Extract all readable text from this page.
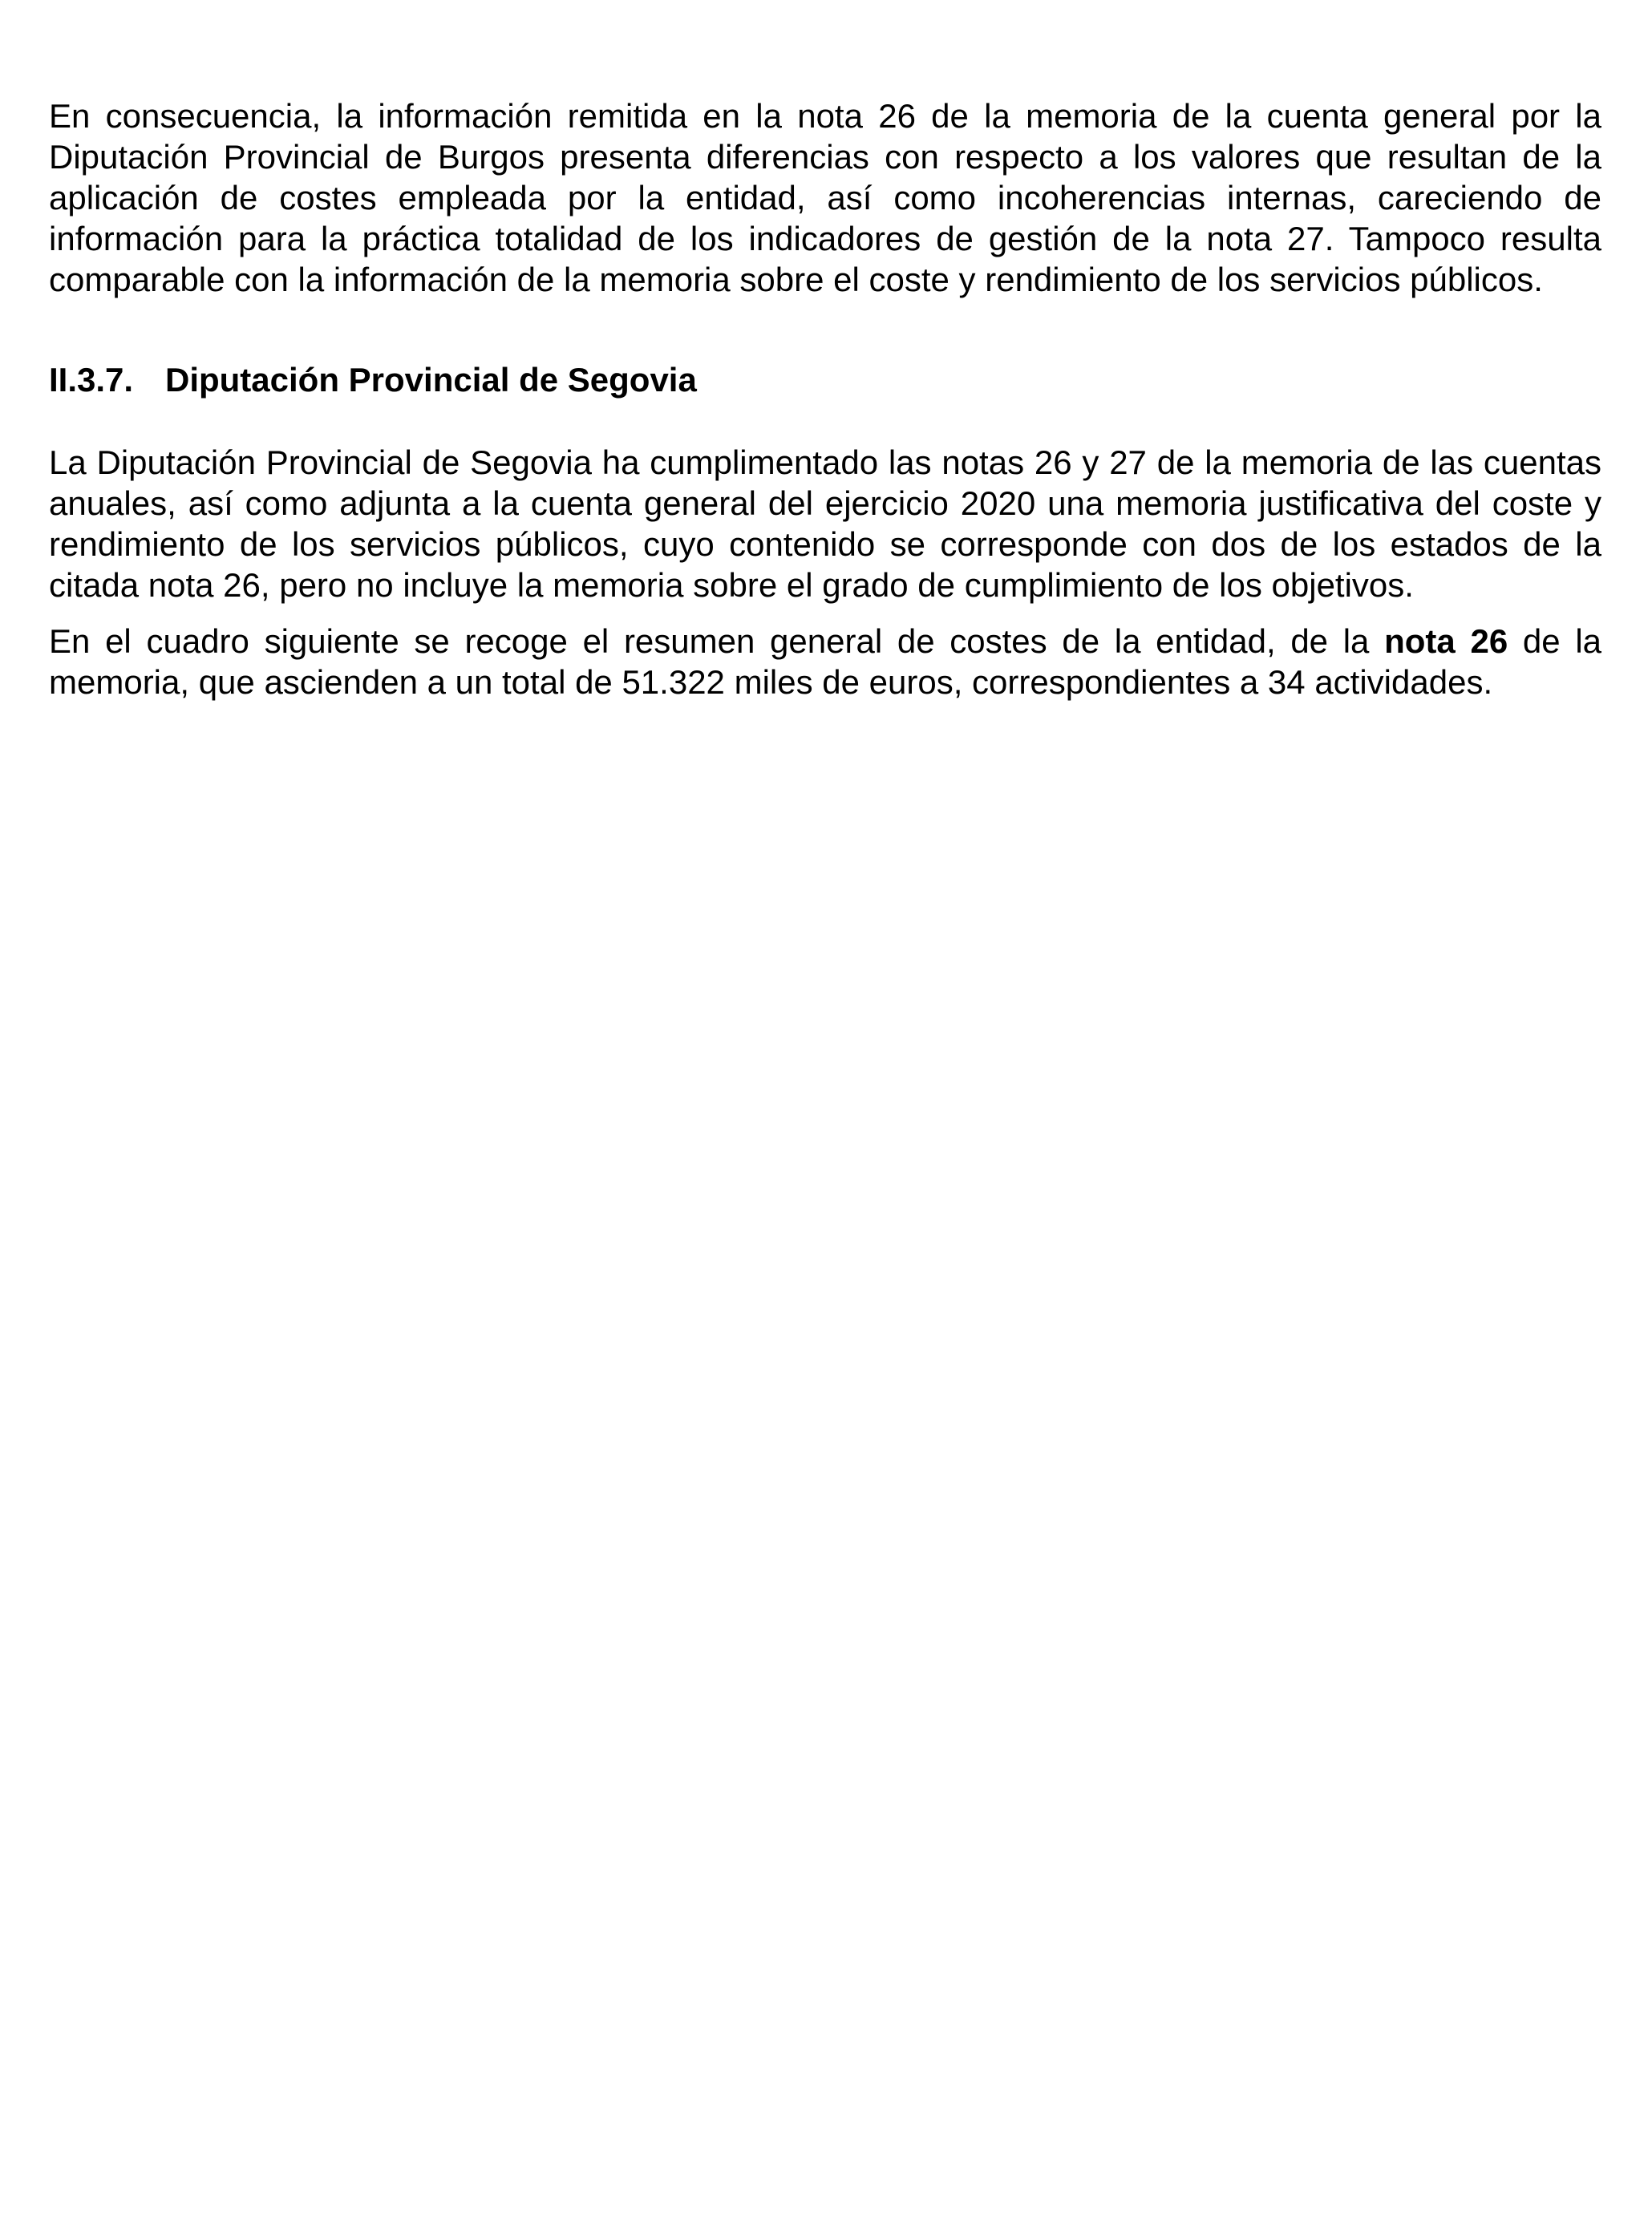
En consecuencia, la información remitida en la nota 26 de la memoria de la cuenta general por la Diputación Provincial de Burgos presenta diferencias con respecto a los valores que resultan de la aplicación de costes empleada por la entidad, así como incoherencias internas, careciendo de información para la práctica totalidad de los indicadores de gestión de la nota 27. Tampoco resulta comparable con la información de la memoria sobre el coste y rendimiento de los servicios públicos.

II.3.7. Diputación Provincial de Segovia

La Diputación Provincial de Segovia ha cumplimentado las notas 26 y 27 de la memoria de las cuentas anuales, así como adjunta a la cuenta general del ejercicio 2020 una memoria justificativa del coste y rendimiento de los servicios públicos, cuyo contenido se corresponde con dos de los estados de la citada nota 26, pero no incluye la memoria sobre el grado de cumplimiento de los objetivos.

En el cuadro siguiente se recoge el resumen general de costes de la entidad, de la nota 26 de la memoria, que ascienden a un total de 51.322 miles de euros, correspondientes a 34 actividades.
